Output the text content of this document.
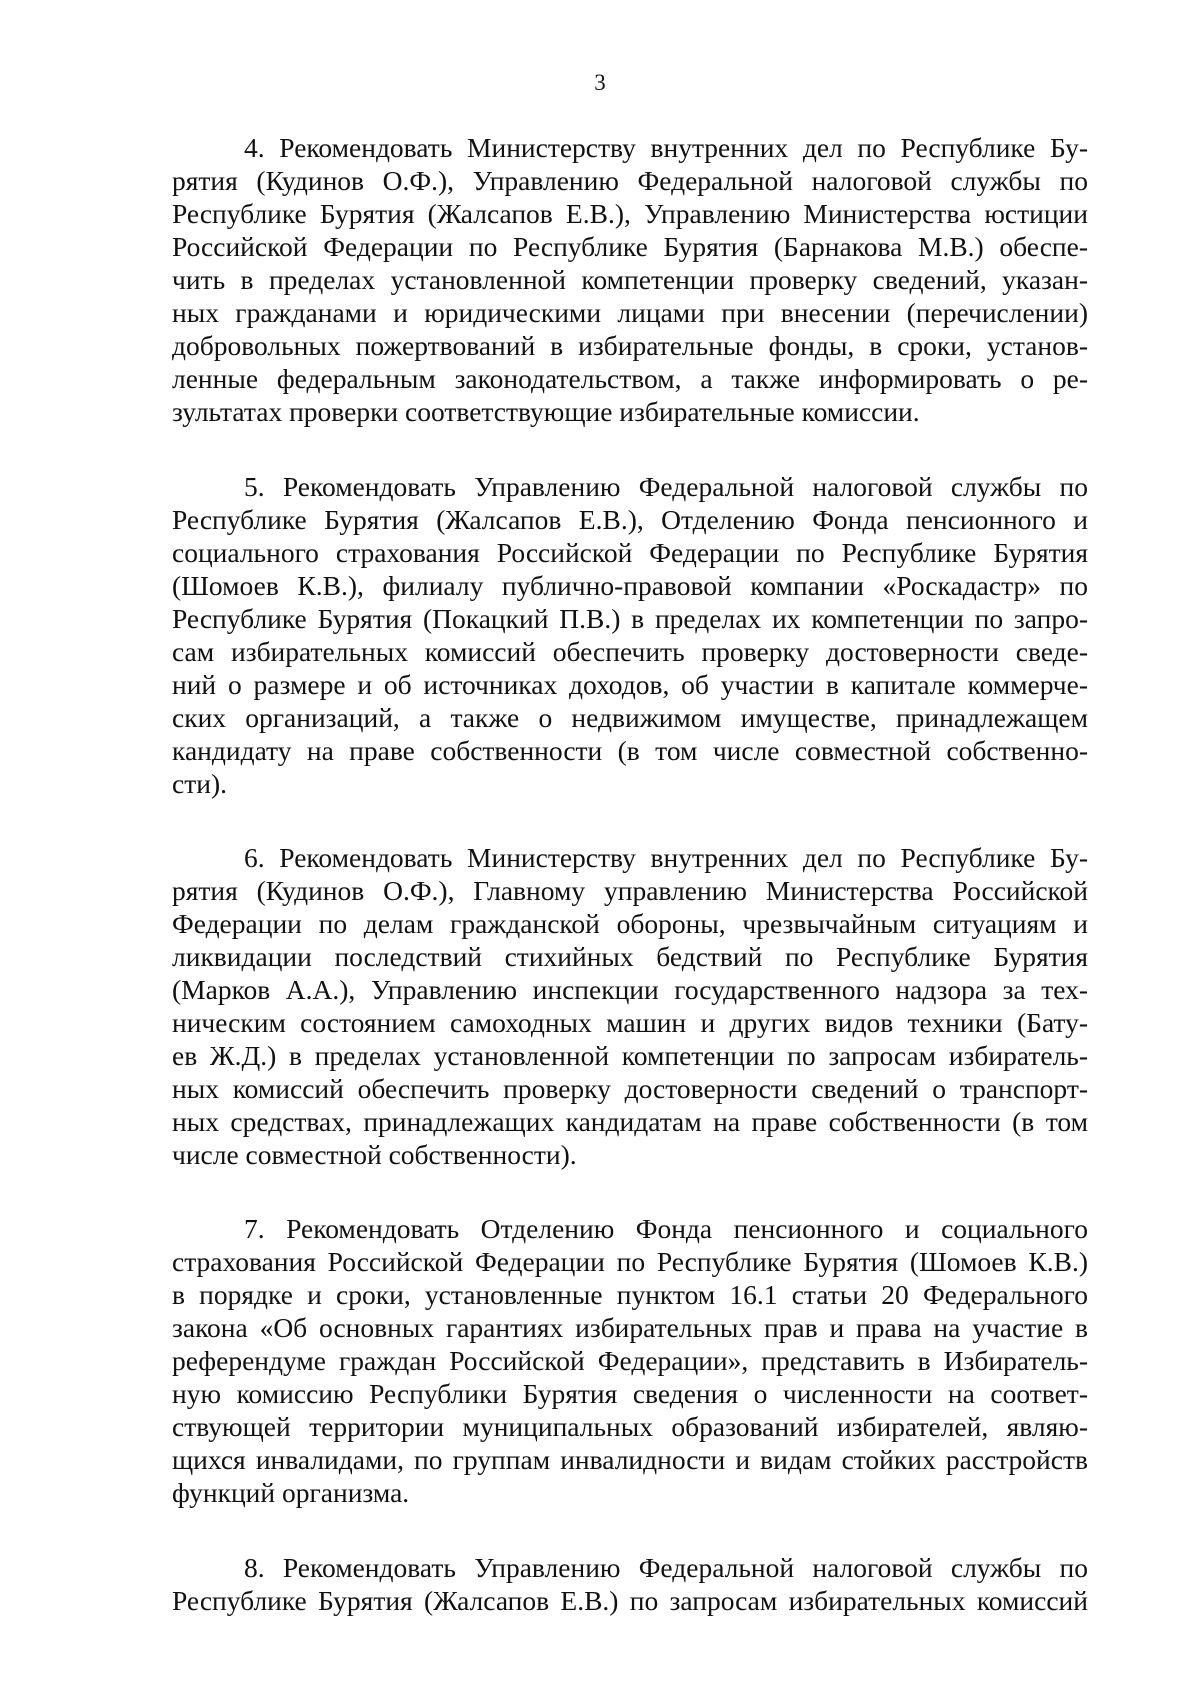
3
4. Рекомендовать Министерству внутренних дел по Республике Бу-
рятия (Кудинов О.Ф.), Управлению Федеральной налоговой службы по
Республике Бурятия (Жалсапов Е.В.), Управлению Министерства юстиции
Российской Федерации по Республике Бурятия (Барнакова М.В.) обеспе-
чить в пределах установленной компетенции проверку сведений, указан-
ных гражданами и юридическими лицами при внесении (перечислении)
добровольных пожертвований в избирательные фонды, в сроки, установ-
ленные федеральным законодательством, а также информировать о ре-
зультатах проверки соответствующие избирательные комиссии.
5. Рекомендовать Управлению Федеральной налоговой службы по
Республике Бурятия (Жалсапов Е.В.), Отделению Фонда пенсионного и
социального страхования Российской Федерации по Республике Бурятия
(Шомоев К.В.), филиалу публично-правовой компании «Роскадастр» по
Республике Бурятия (Покацкий П.В.) в пределах их компетенции по запро-
сам избирательных комиссий обеспечить проверку достоверности сведе-
ний о размере и об источниках доходов, об участии в капитале коммерче-
ских организаций, а также о недвижимом имуществе, принадлежащем
кандидату на праве собственности (в том числе совместной собственно-
сти).
6. Рекомендовать Министерству внутренних дел по Республике Бу-
рятия (Кудинов О.Ф.), Главному управлению Министерства Российской
Федерации по делам гражданской обороны, чрезвычайным ситуациям и
ликвидации последствий стихийных бедствий по Республике Бурятия
(Марков А.А.), Управлению инспекции государственного надзора за тех-
ническим состоянием самоходных машин и других видов техники (Бату-
ев Ж.Д.) в пределах установленной компетенции по запросам избиратель-
ных комиссий обеспечить проверку достоверности сведений о транспорт-
ных средствах, принадлежащих кандидатам на праве собственности (в том
числе совместной собственности).
7. Рекомендовать Отделению Фонда пенсионного и социального
страхования Российской Федерации по Республике Бурятия (Шомоев К.В.)
в порядке и сроки, установленные пунктом 16.1 статьи 20 Федерального
закона «Об основных гарантиях избирательных прав и права на участие в
референдуме граждан Российской Федерации», представить в Избиратель-
ную комиссию Республики Бурятия сведения о численности на соответ-
ствующей территории муниципальных образований избирателей, являю-
щихся инвалидами, по группам инвалидности и видам стойких расстройств
функций организма.
8. Рекомендовать Управлению Федеральной налоговой службы по
Республике Бурятия (Жалсапов Е.В.) по запросам избирательных комиссий
